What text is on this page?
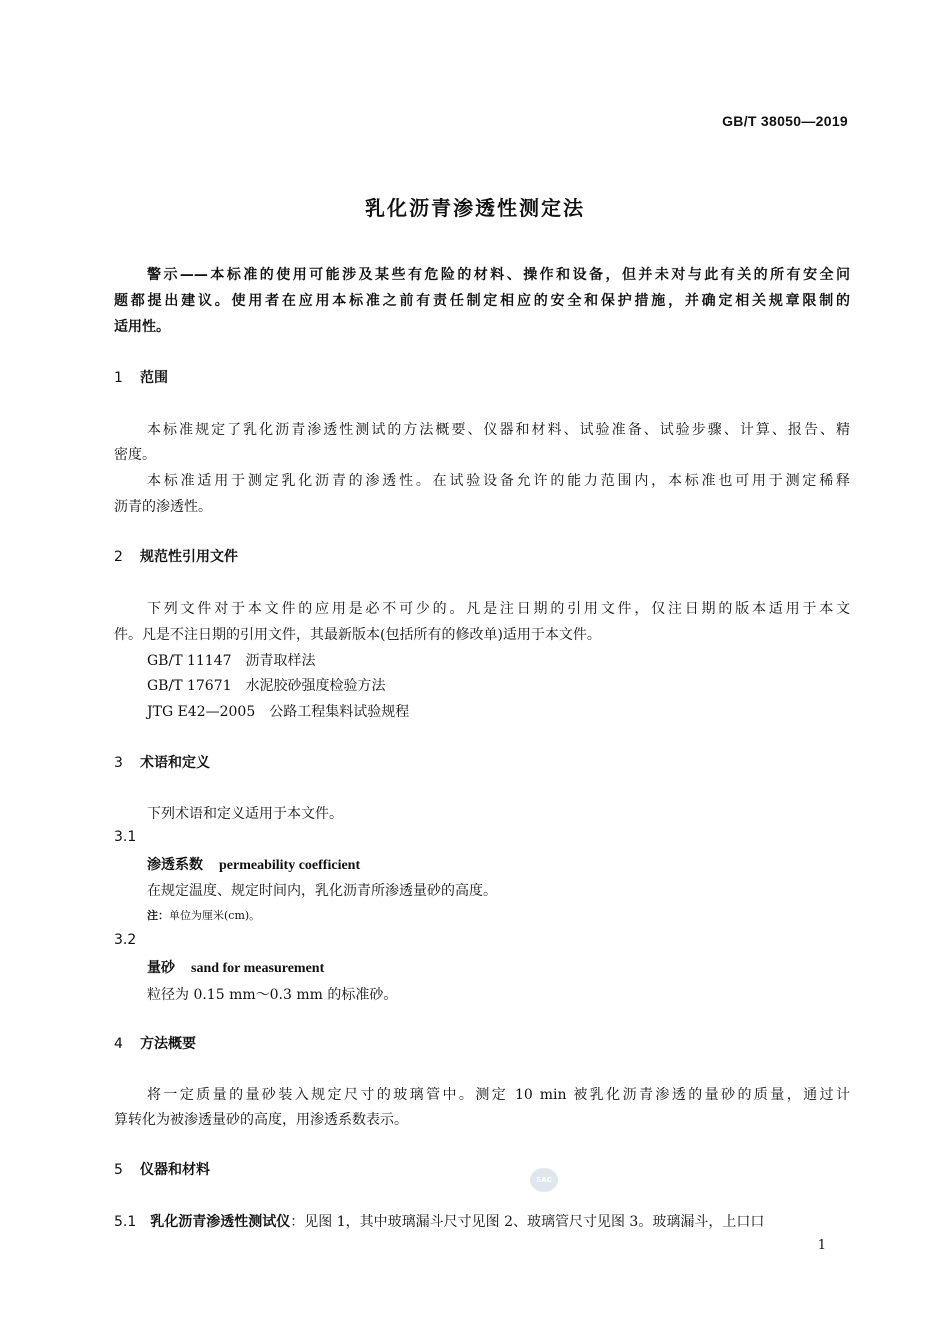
GB/T 38050—2019
乳化沥青渗透性测定法
警示——本标准的使用可能涉及某些有危险的材料、操作和设备，但并未对与此有关的所有安全问
题都提出建议。使用者在应用本标准之前有责任制定相应的安全和保护措施，并确定相关规章限制的
适用性。
1 范围
本标准规定了乳化沥青渗透性测试的方法概要、仪器和材料、试验准备、试验步骤、计算、报告、精
密度。
本标准适用于测定乳化沥青的渗透性。在试验设备允许的能力范围内，本标准也可用于测定稀释
沥青的渗透性。
2 规范性引用文件
下列文件对于本文件的应用是必不可少的。凡是注日期的引用文件，仅注日期的版本适用于本文
件。凡是不注日期的引用文件，其最新版本(包括所有的修改单)适用于本文件。
GB/T 11147 沥青取样法
GB/T 17671 水泥胶砂强度检验方法
JTG E42—2005 公路工程集料试验规程
3 术语和定义
下列术语和定义适用于本文件。
3.1
渗透系数 permeability coefficient
在规定温度、规定时间内，乳化沥青所渗透量砂的高度。
注：单位为厘米(cm)。
3.2
量砂 sand for measurement
粒径为 0.15 mm～0.3 mm 的标准砂。
4 方法概要
将一定质量的量砂装入规定尺寸的玻璃管中。测定 10 min 被乳化沥青渗透的量砂的质量，通过计
算转化为被渗透量砂的高度，用渗透系数表示。
5 仪器和材料
5.1 乳化沥青渗透性测试仪：见图 1，其中玻璃漏斗尺寸见图 2、玻璃管尺寸见图 3。玻璃漏斗，上口口
SAC
1
